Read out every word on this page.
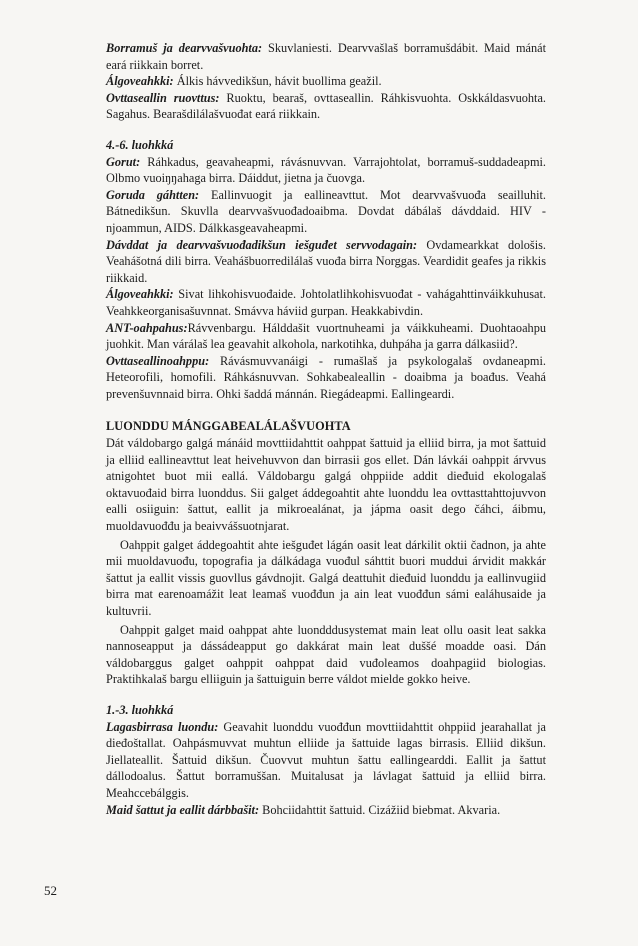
Borramuš ja dearvvašvuohta: Skuvlaniesti. Dearvvašlaš borramušdábit. Maid mánát eará riikkain borret.

Álgoveahkki: Álkis hávvedikšun, hávit buollima geažil.

Ovttaseallin ruovttus: Ruoktu, bearaš, ovttaseallin. Ráhkisvuohta. Oskkáldasvuohta. Sagahus. Bearašdilálašvuođat eará riikkain.

4.-6. luohkká

Gorut: Ráhkadus, geavaheapmi, rávásnuvvan. Varrajohtolat, borramuš-suddadeapmi. Olbmo vuoiŋŋahaga birra. Dáiddut, jietna ja čuovga.

Goruda gáhtten: Eallinvuogit ja eallineavttut. Mot dearvvašvuođa seailluhit. Bátnedikšun. Skuvlla dearvvašvuođadoaibma. Dovdat dábálaš dávddaid. HIV -njoammun, AIDS. Dálkkasgeavaheapmi.

Dávddat ja dearvvašvuođadikšun iešguđet servvodagain: Ovdamearkkat dološis. Veahášotná dili birra. Veahášbuorredilálaš vuođa birra Norggas. Veardidit geafes ja rikkis riikkaid.

Álgoveahkki: Sivat lihkohisvuođaide. Johtolatlihkohisvuođat - vahágahttinváikkuhusat. Veahkkeorganisašuvnnat. Smávva háviid gurpan. Heakkabivdin.

ANT-oahpahus:Rávvenbargu. Hálddašit vuortnuheami ja váikkuheami. Duohtaoahpu juohkit. Man várálaš lea geavahit alkohola, narkotihka, duhpáha ja garra dálkasiid?.

Ovttaseallinoahppu: Rávásmuvvanáigi - rumašlaš ja psykologalaš ovdaneapmi. Heteorofili, homofili. Ráhkásnuvvan. Sohkabealeallin - doaibma ja boađus. Veahá prevenšuvnnaid birra. Ohki šaddá mánnán. Riegádeapmi. Eallingeardi.

LUONDDU MÁNGGABEALÁLAŠVUOHTA

Dát váldobargo galgá mánáid movttiidahttit oahppat šattuid ja elliid birra, ja mot šattuid ja elliid eallineavttut leat heivehuvvon dan birrasii gos ellet. Dán lávkái oahppit árvvus atnigohtet buot mii eallá. Váldobargu galgá ohppiide addit dieđuid ekologalaš oktavuođaid birra luonddus. Sii galget áddegoahtit ahte luonddu lea ovttasttahttojuvvon ealli osiiguin: šattut, eallit ja mikroealánat, ja jápma oasit dego čáhci, áibmu, muoldavuođđu ja beaivvášsuotnjarat.

Oahppit galget áddegoahtit ahte iešguđet lágán oasit leat dárkilit oktii čadnon, ja ahte mii muoldavuođu, topografia ja dálkádaga vuođul sáhttit buori muddui árvidit makkár šattut ja eallit vissis guovllus gávdnojit. Galgá deattuhit dieđuid luonddu ja eallinvugiid birra mat earenoamážit leat leamaš vuođđun ja ain leat vuođđun sámi ealáhusaide ja kultuvrii.

Oahppit galget maid oahppat ahte luondddusystemat main leat ollu oasit leat sakka nannoseapput ja dássádeapput go dakkárat main leat duššé moadde oasi. Dán váldobarggus galget oahppit oahppat daid vuđoleamos doahpagiid biologias. Praktihkalaš bargu elliiguin ja šattuiguin berre váldot mielde gokko heive.

1.-3. luohkká

Lagasbirrasa luondu: Geavahit luonddu vuođđun movttiidahttit ohppiid jearahallat ja dieđoštallat. Oahpásmuvvat muhtun elliide ja šattuide lagas birrasis. Elliid dikšun. Jiellateallit. Šattuid dikšun. Čuovvut muhtun šattu eallingearddi. Eallit ja šattut dállodoalus. Šattut borramuššan. Muitalusat ja lávlagat šattuid ja elliid birra. Meahccebálggis.

Maid šattut ja eallit dárbbašit: Bohciidahttit šattuid. Cizážiid biebmat. Akvaria.

52
